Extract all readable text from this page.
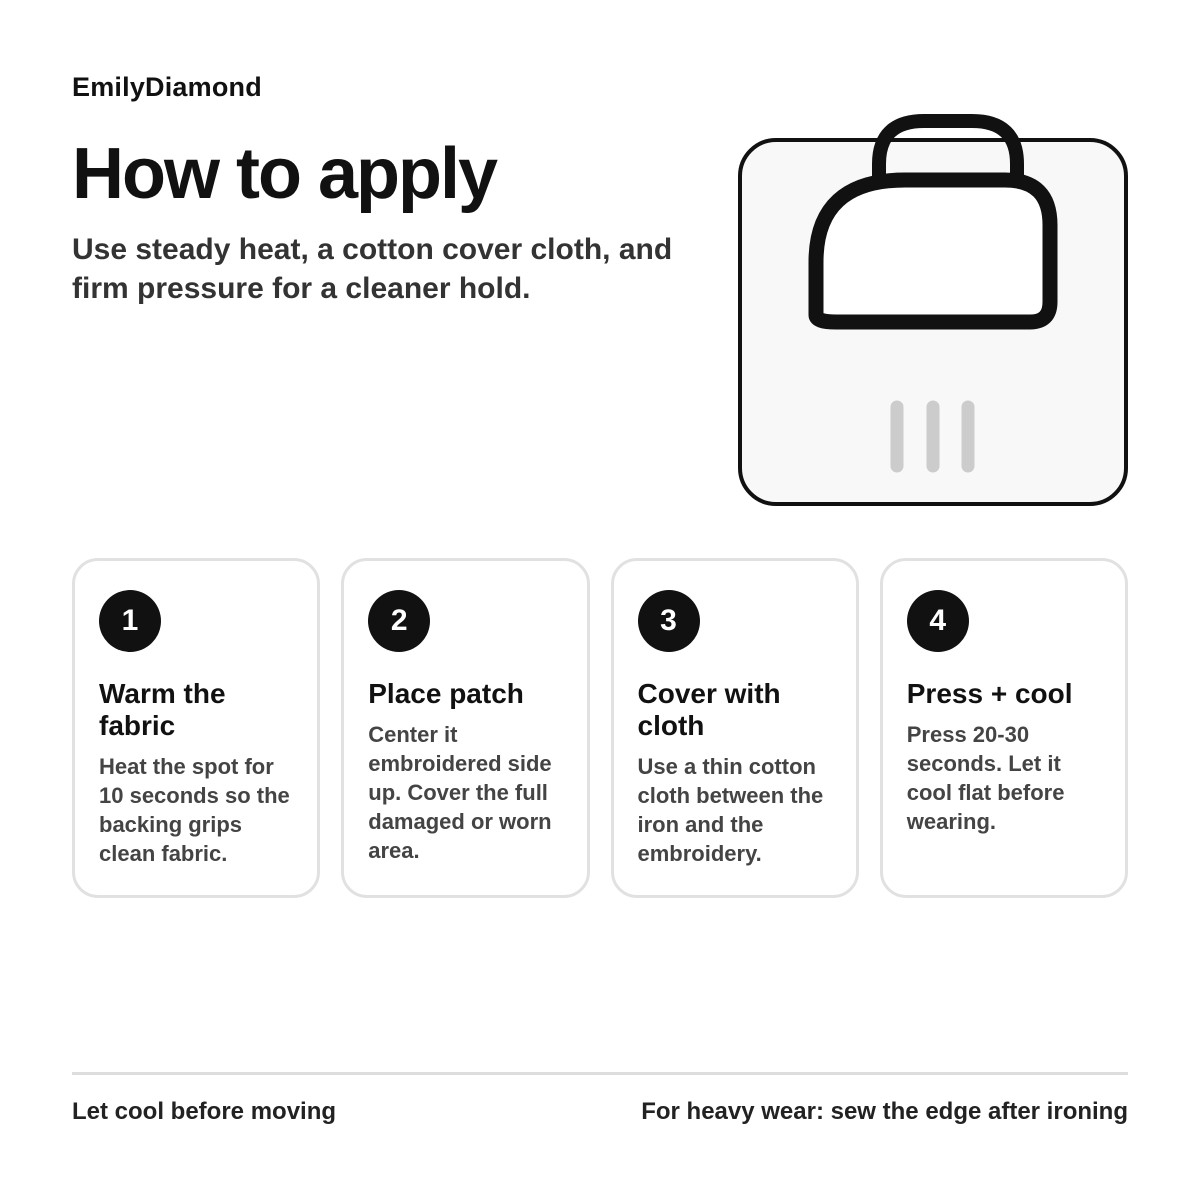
EmilyDiamond
How to apply

Use steady heat, a cotton cover cloth, and firm pressure for a cleaner hold.

1
Warm the fabric
Heat the spot for 10 seconds so the backing grips clean fabric.
2
Place patch
Center it embroidered side up. Cover the full damaged or worn area.
3
Cover with cloth
Use a thin cotton cloth between the iron and the embroidery.
4
Press + cool
Press 20-30 seconds. Let it cool flat before wearing.
Let cool before moving	For heavy wear: sew the edge after ironing
